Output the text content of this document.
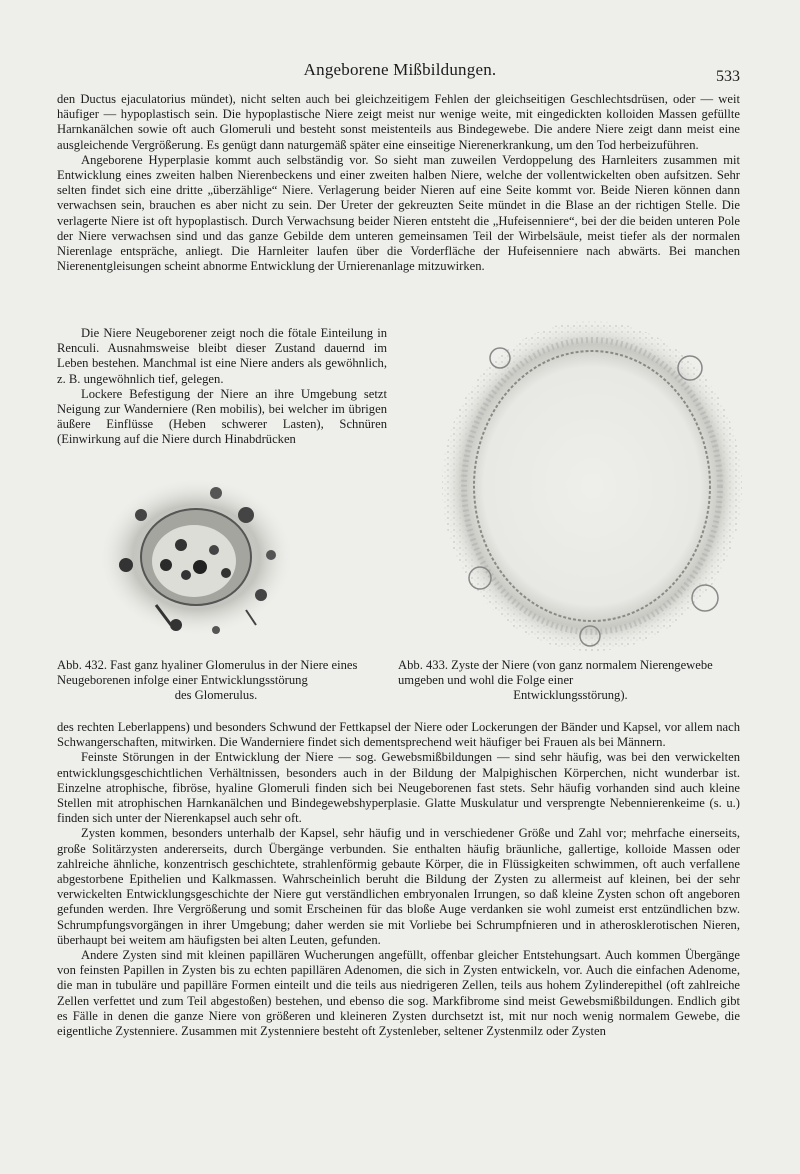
Angeborene Mißbildungen.	533

den Ductus ejaculatorius mündet), nicht selten auch bei gleichzeitigem Fehlen der gleichseitigen Geschlechtsdrüsen, oder — weit häufiger — hypoplastisch sein. Die hypoplastische Niere zeigt meist nur wenige weite, mit eingedickten kolloiden Massen gefüllte Harnkanälchen sowie oft auch Glomeruli und besteht sonst meistenteils aus Bindegewebe. Die andere Niere zeigt dann meist eine ausgleichende Vergrößerung. Es genügt dann naturgemäß später eine einseitige Nierenerkrankung, um den Tod herbeizuführen.

Angeborene Hyperplasie kommt auch selbständig vor. So sieht man zuweilen Verdoppelung des Harnleiters zusammen mit Entwicklung eines zweiten halben Nierenbeckens und einer zweiten halben Niere, welche der vollentwickelten oben aufsitzen. Sehr selten findet sich eine dritte „überzählige“ Niere. Verlagerung beider Nieren auf eine Seite kommt vor. Beide Nieren können dann verwachsen sein, brauchen es aber nicht zu sein. Der Ureter der gekreuzten Seite mündet in die Blase an der richtigen Stelle. Die verlagerte Niere ist oft hypoplastisch. Durch Verwachsung beider Nieren entsteht die „Hufeisenniere“, bei der die beiden unteren Pole der Niere verwachsen sind und das ganze Gebilde dem unteren gemeinsamen Teil der Wirbelsäule, meist tiefer als der normalen Nierenlage entspräche, anliegt. Die Harnleiter laufen über die Vorderfläche der Hufeisenniere nach abwärts. Bei manchen Nierenentgleisungen scheint abnorme Entwicklung der Urnierenanlage mitzuwirken.

Die Niere Neugeborener zeigt noch die fötale Einteilung in Renculi. Ausnahmsweise bleibt dieser Zustand dauernd im Leben bestehen. Manchmal ist eine Niere anders als gewöhnlich, z. B. ungewöhnlich tief, gelegen.

Lockere Befestigung der Niere an ihre Umgebung setzt Neigung zur Wanderniere (Ren mobilis), bei welcher im übrigen äußere Einflüsse (Heben schwerer Lasten), Schnüren (Einwirkung auf die Niere durch Hinabdrücken

Abb. 432. Fast ganz hyaliner Glomerulus in der Niere eines Neugeborenen infolge einer Entwicklungsstörung
des Glomerulus.
Abb. 433. Zyste der Niere (von ganz normalem Nierengewebe umgeben und wohl die Folge einer
Entwicklungsstörung).

des rechten Leberlappens) und besonders Schwund der Fettkapsel der Niere oder Lockerungen der Bänder und Kapsel, vor allem nach Schwangerschaften, mitwirken. Die Wanderniere findet sich dementsprechend weit häufiger bei Frauen als bei Männern.

Feinste Störungen in der Entwicklung der Niere — sog. Gewebsmißbildungen — sind sehr häufig, was bei den verwickelten entwicklungsgeschichtlichen Verhältnissen, besonders auch in der Bildung der Malpighischen Körperchen, nicht wunderbar ist. Einzelne atrophische, fibröse, hyaline Glomeruli finden sich bei Neugeborenen fast stets. Sehr häufig vorhanden sind auch kleine Stellen mit atrophischen Harnkanälchen und Bindegewebshyperplasie. Glatte Muskulatur und versprengte Nebennierenkeime (s. u.) finden sich unter der Nierenkapsel auch sehr oft.

Zysten kommen, besonders unterhalb der Kapsel, sehr häufig und in verschiedener Größe und Zahl vor; mehrfache einerseits, große Solitärzysten andererseits, durch Übergänge verbunden. Sie enthalten häufig bräunliche, gallertige, kolloide Massen oder zahlreiche ähnliche, konzentrisch geschichtete, strahlenförmig gebaute Körper, die in Flüssigkeiten schwimmen, oft auch verfallene abgestorbene Epithelien und Kalkmassen. Wahrscheinlich beruht die Bildung der Zysten zu allermeist auf kleinen, bei der sehr verwickelten Entwicklungsgeschichte der Niere gut verständlichen embryonalen Irrungen, so daß kleine Zysten schon oft angeboren gefunden werden. Ihre Vergrößerung und somit Erscheinen für das bloße Auge verdanken sie wohl zumeist erst entzündlichen bzw. Schrumpfungsvorgängen in ihrer Umgebung; daher werden sie mit Vorliebe bei Schrumpfnieren und in atherosklerotischen Nieren, überhaupt bei weitem am häufigsten bei alten Leuten, gefunden.

Andere Zysten sind mit kleinen papillären Wucherungen angefüllt, offenbar gleicher Entstehungsart. Auch kommen Übergänge von feinsten Papillen in Zysten bis zu echten papillären Adenomen, die sich in Zysten entwickeln, vor. Auch die einfachen Adenome, die man in tubuläre und papilläre Formen einteilt und die teils aus niedrigeren Zellen, teils aus hohem Zylinderepithel (oft zahlreiche Zellen verfettet und zum Teil abgestoßen) bestehen, und ebenso die sog. Markfibrome sind meist Gewebsmißbildungen. Endlich gibt es Fälle in denen die ganze Niere von größeren und kleineren Zysten durchsetzt ist, mit nur noch wenig normalem Gewebe, die eigentliche Zystenniere. Zusammen mit Zystenniere besteht oft Zystenleber, seltener Zystenmilz oder Zysten
